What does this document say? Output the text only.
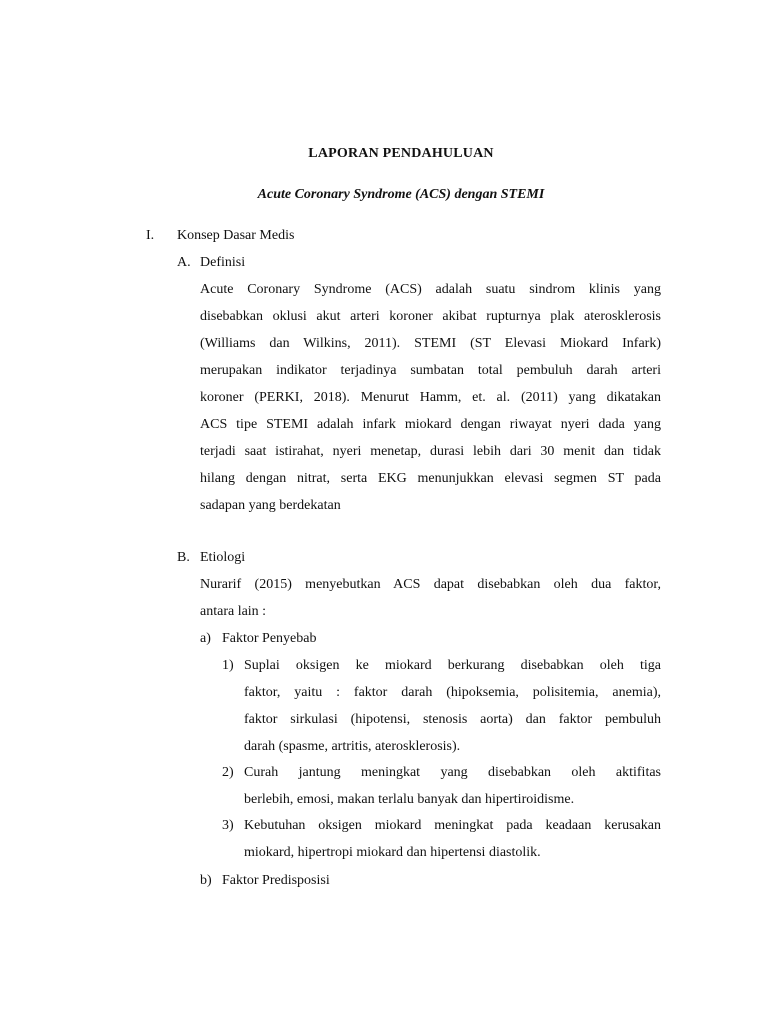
LAPORAN PENDAHULUAN
Acute Coronary Syndrome (ACS) dengan STEMI
I. Konsep Dasar Medis
A. Definisi
Acute Coronary Syndrome (ACS) adalah suatu sindrom klinis yang
disebabkan oklusi akut arteri koroner akibat rupturnya plak aterosklerosis
(Williams dan Wilkins, 2011). STEMI (ST Elevasi Miokard Infark)
merupakan indikator terjadinya sumbatan total pembuluh darah arteri
koroner (PERKI, 2018). Menurut Hamm, et. al. (2011) yang dikatakan
ACS tipe STEMI adalah infark miokard dengan riwayat nyeri dada yang
terjadi saat istirahat, nyeri menetap, durasi lebih dari 30 menit dan tidak
hilang dengan nitrat, serta EKG menunjukkan elevasi segmen ST pada
sadapan yang berdekatan
B. Etiologi
Nurarif (2015) menyebutkan ACS dapat disebabkan oleh dua faktor,
antara lain :
a) Faktor Penyebab
1) Suplai oksigen ke miokard berkurang disebabkan oleh tiga
faktor, yaitu : faktor darah (hipoksemia, polisitemia, anemia),
faktor sirkulasi (hipotensi, stenosis aorta) dan faktor pembuluh
darah (spasme, artritis, aterosklerosis).
2) Curah jantung meningkat yang disebabkan oleh aktifitas
berlebih, emosi, makan terlalu banyak dan hipertiroidisme.
3) Kebutuhan oksigen miokard meningkat pada keadaan kerusakan
miokard, hipertropi miokard dan hipertensi diastolik.
b) Faktor Predisposisi
